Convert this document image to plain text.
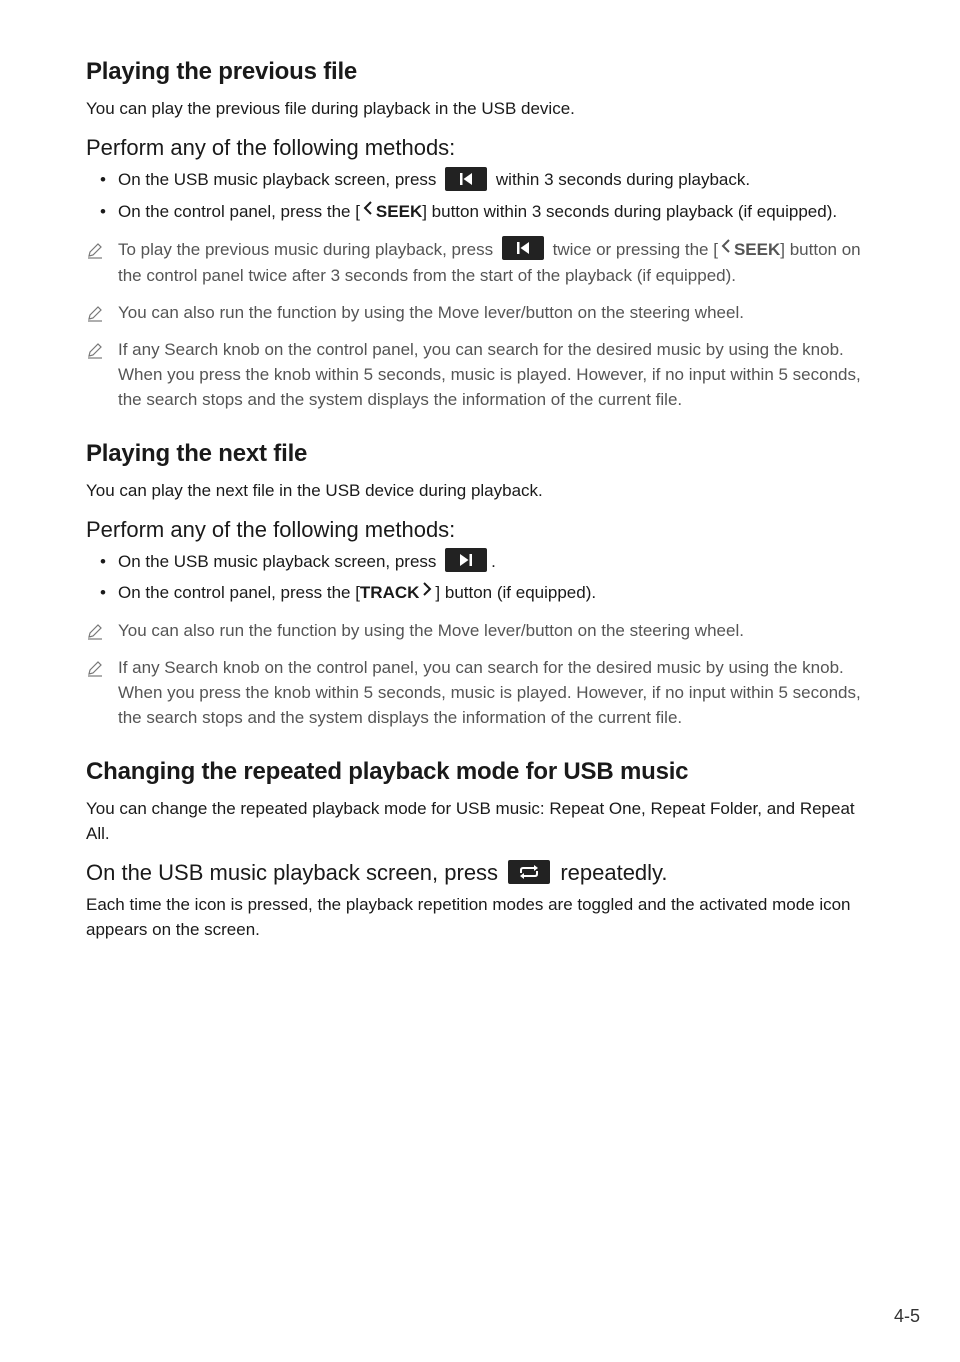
Playing the previous file

You can play the previous file during playback in the USB device.

Perform any of the following methods:
• On the USB music playback screen, press	within 3 seconds during playback.
• On the control panel, press the [ SEEK] button within 3 seconds during playback (if equipped).
To play the previous music during playback, press	twice or pressing the [ SEEK] button on the control panel twice after 3 seconds from the start of the playback (if equipped).
You can also run the function by using the Move lever/button on the steering wheel.
If any Search knob on the control panel, you can search for the desired music by using the knob. When you press the knob within 5 seconds, music is played. However, if no input within 5 seconds, the search stops and the system displays the information of the current file.
Playing the next file

You can play the next file in the USB device during playback.

Perform any of the following methods:
• On the USB music playback screen, press	.
• On the control panel, press the [TRACK ] button (if equipped).
You can also run the function by using the Move lever/button on the steering wheel.
If any Search knob on the control panel, you can search for the desired music by using the knob. When you press the knob within 5 seconds, music is played. However, if no input within 5 seconds, the search stops and the system displays the information of the current file.
Changing the repeated playback mode for USB music

You can change the repeated playback mode for USB music: Repeat One, Repeat Folder, and Repeat All.

On the USB music playback screen, press	repeatedly.

Each time the icon is pressed, the playback repetition modes are toggled and the activated mode icon appears on the screen.

4-5
